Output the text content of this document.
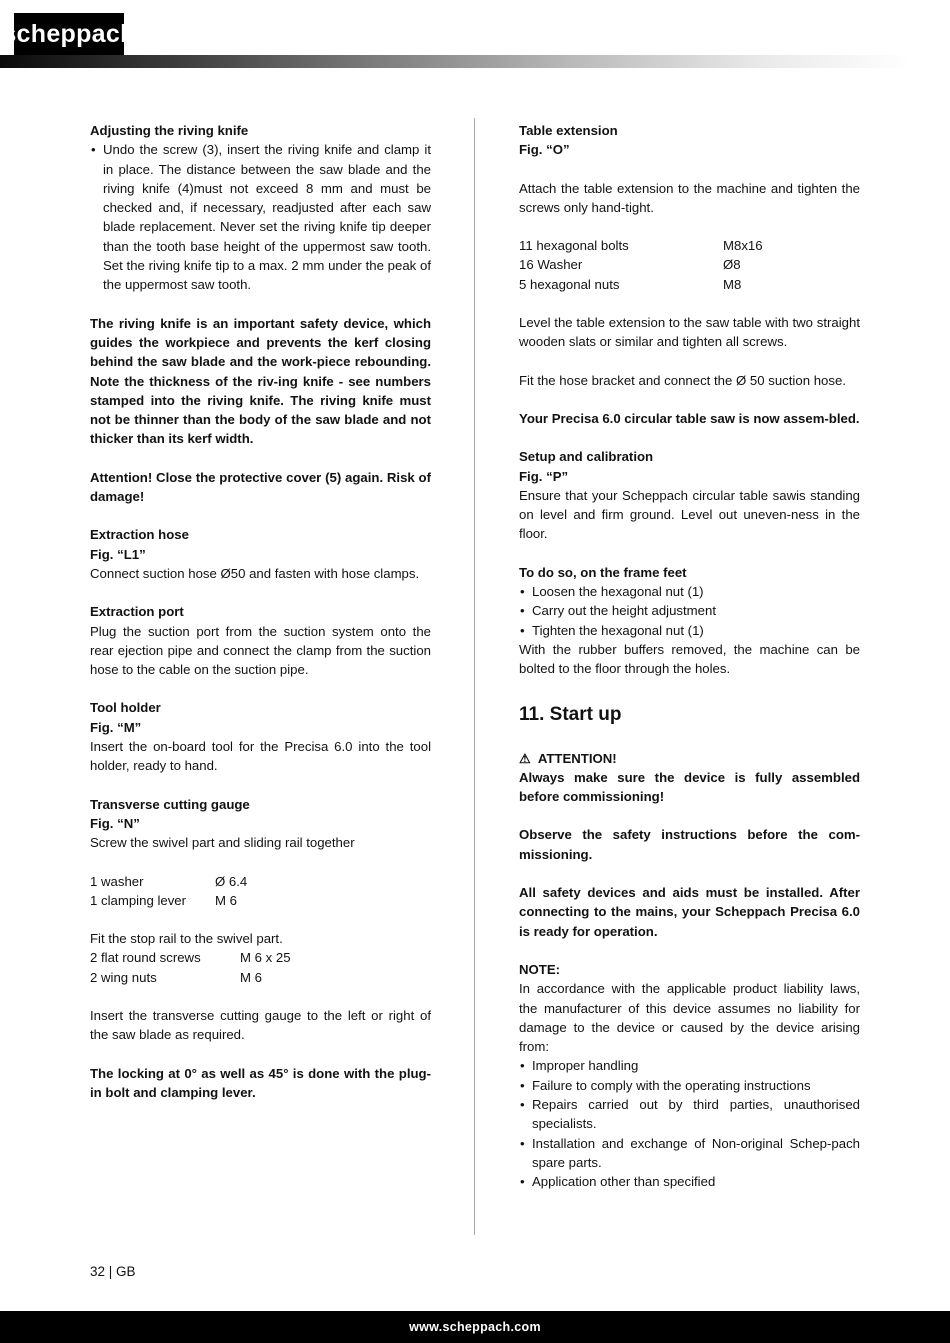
scheppach
Adjusting the riving knife
• Undo the screw (3), insert the riving knife and clamp it in place. The distance between the saw blade and the riving knife (4)must not exceed 8 mm and must be checked and, if necessary, readjusted after each saw blade replacement. Never set the riving knife tip deeper than the tooth base height of the uppermost saw tooth. Set the riving knife tip to a max. 2 mm under the peak of the uppermost saw tooth.
The riving knife is an important safety device, which guides the workpiece and prevents the kerf closing behind the saw blade and the work-piece rebounding. Note the thickness of the riv-ing knife - see numbers stamped into the riving knife. The riving knife must not be thinner than the body of the saw blade and not thicker than its kerf width.
Attention! Close the protective cover (5) again. Risk of damage!
Extraction hose
Fig. “L1”
Connect suction hose Ø50 and fasten with hose clamps.
Extraction port
Plug the suction port from the suction system onto the rear ejection pipe and connect the clamp from the suction hose to the cable on the suction pipe.
Tool holder
Fig. “M”
Insert the on-board tool for the Precisa 6.0 into the tool holder, ready to hand.
Transverse cutting gauge
Fig. “N”
Screw the swivel part and sliding rail together
1 washer	Ø 6.4
1 clamping lever	M 6
Fit the stop rail to the swivel part.
2 flat round screws	M 6 x 25
2 wing nuts	M 6
Insert the transverse cutting gauge to the left or right of the saw blade as required.
The locking at 0° as well as 45° is done with the plug-in bolt and clamping lever.
Table extension
Fig. “O”
Attach the table extension to the machine and tighten the screws only hand-tight.
11 hexagonal bolts	M8x16
16 Washer	Ø8
5 hexagonal nuts	M8
Level the table extension to the saw table with two straight wooden slats or similar and tighten all screws.
Fit the hose bracket and connect the Ø 50 suction hose.
Your Precisa 6.0 circular table saw is now assem-bled.
Setup and calibration
Fig. “P”
Ensure that your Scheppach circular table sawis standing on level and firm ground. Level out uneven-ness in the floor.
To do so, on the frame feet
• Loosen the hexagonal nut (1)
• Carry out the height adjustment
• Tighten the hexagonal nut (1)
With the rubber buffers removed, the machine can be bolted to the floor through the holes.
11. Start up
⚠ ATTENTION!
Always make sure the device is fully assembled before commissioning!
Observe the safety instructions before the com-missioning.
All safety devices and aids must be installed. After connecting to the mains, your Scheppach Precisa 6.0 is ready for operation.
NOTE:
In accordance with the applicable product liability laws, the manufacturer of this device assumes no liability for damage to the device or caused by the device arising from:
• Improper handling
• Failure to comply with the operating instructions
• Repairs carried out by third parties, unauthorised specialists.
• Installation and exchange of Non-original Schep-pach spare parts.
• Application other than specified
32 | GB
www.scheppach.com
